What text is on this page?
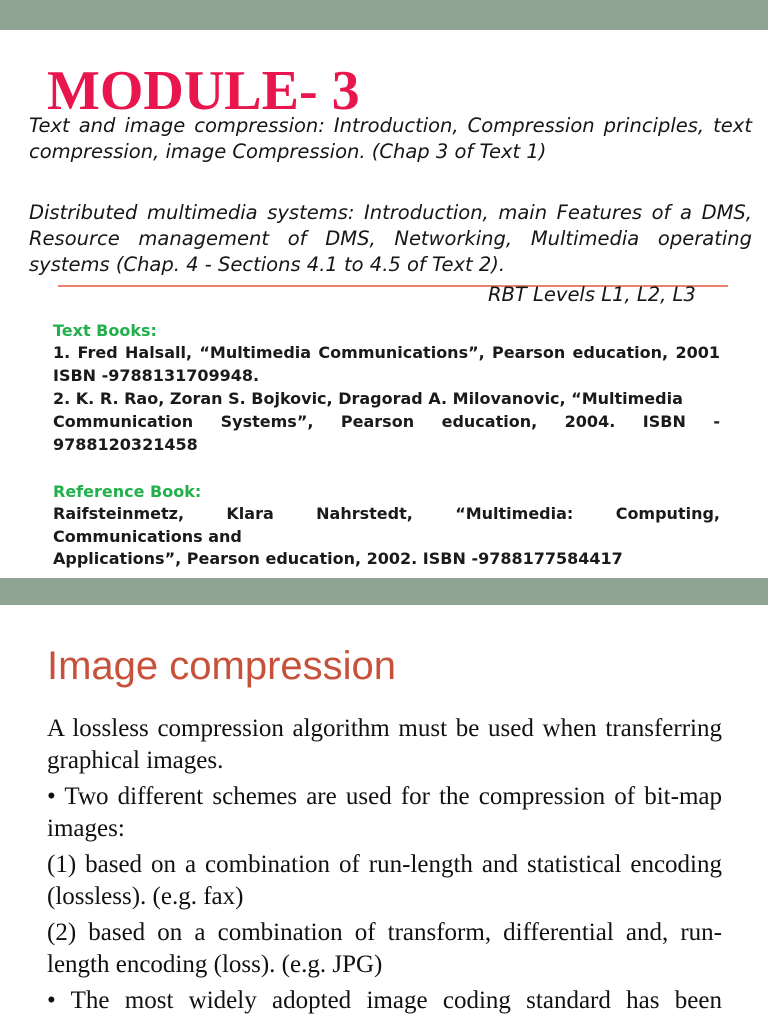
MODULE- 3
Text and image compression: Introduction, Compression principles, text
compression, image Compression. (Chap 3 of Text 1)
Distributed multimedia systems: Introduction, main Features of a DMS,
Resource management of DMS, Networking, Multimedia operating
systems (Chap. 4 - Sections 4.1 to 4.5 of Text 2).
RBT Levels L1, L2, L3
Text Books:
1. Fred Halsall, “Multimedia Communications”, Pearson education, 2001
ISBN -9788131709948.
2. K. R. Rao, Zoran S. Bojkovic, Dragorad A. Milovanovic, “Multimedia
Communication Systems”, Pearson education, 2004. ISBN -
9788120321458
Reference Book:
Raifsteinmetz, Klara Nahrstedt, “Multimedia: Computing,
Communications and
Applications”, Pearson education, 2002. ISBN -9788177584417
Image compression
A lossless compression algorithm must be used when transferring
graphical images.
• Two different schemes are used for the compression of bit-map
images:
(1) based on a combination of run-length and statistical encoding
(lossless). (e.g. fax)
(2) based on a combination of transform, differential and, run-
length encoding (loss). (e.g. JPG)
• The most widely adopted image coding standard has been
